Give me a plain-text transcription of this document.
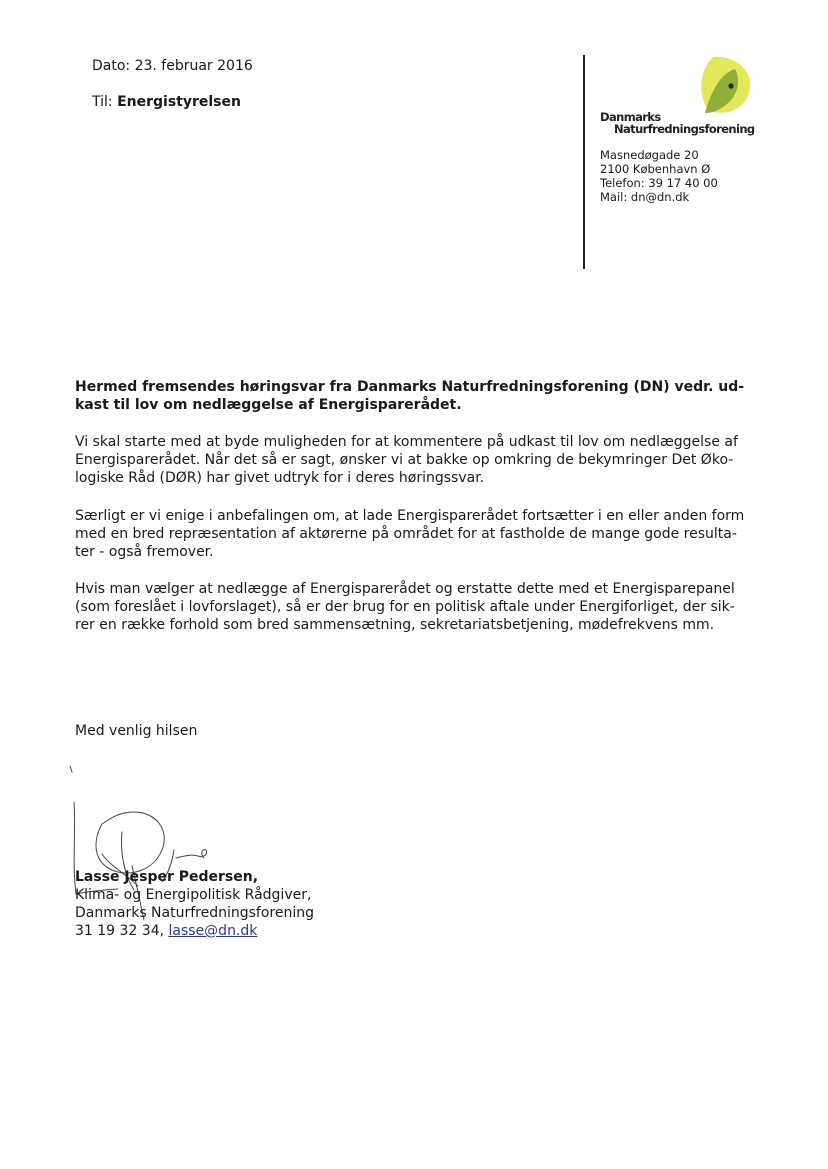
Dato: 23. februar 2016
Til: Energistyrelsen
Danmarks
Naturfredningsforening
Masnedøgade 20
2100 København Ø
Telefon: 39 17 40 00
Mail: dn@dn.dk
Hermed fremsendes høringsvar fra Danmarks Naturfredningsforening (DN) vedr. ud-
kast til lov om nedlæggelse af Energisparerådet.
Vi skal starte med at byde muligheden for at kommentere på udkast til lov om nedlæggelse af
Energisparerådet. Når det så er sagt, ønsker vi at bakke op omkring de bekymringer Det Øko-
logiske Råd (DØR) har givet udtryk for i deres høringssvar.
Særligt er vi enige i anbefalingen om, at lade Energisparerådet fortsætter i en eller anden form
med en bred repræsentation af aktørerne på området for at fastholde de mange gode resulta-
ter - også fremover.
Hvis man vælger at nedlægge af Energisparerådet og erstatte dette med et Energisparepanel
(som foreslået i lovforslaget), så er der brug for en politisk aftale under Energiforliget, der sik-
rer en række forhold som bred sammensætning, sekretariatsbetjening, mødefrekvens mm.
Med venlig hilsen
Lasse Jesper Pedersen,
Klima- og Energipolitisk Rådgiver,
Danmarks Naturfredningsforening
31 19 32 34, lasse@dn.dk
